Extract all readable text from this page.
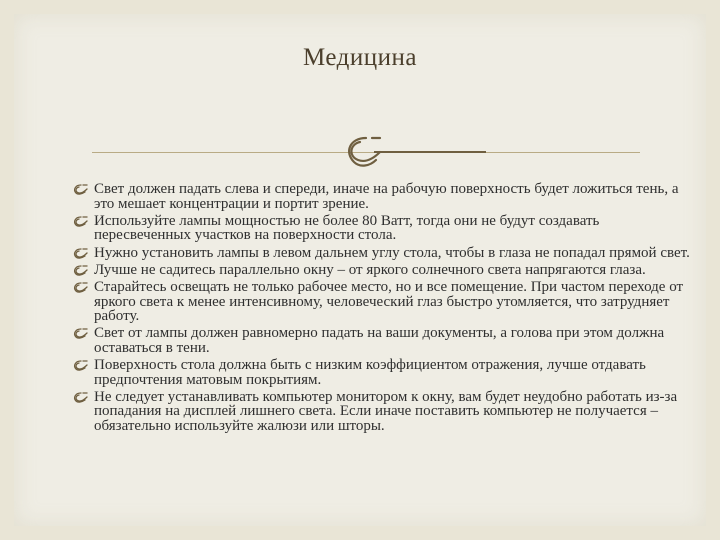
Медицина
Свет должен падать слева и спереди, иначе на рабочую поверхность будет ложиться тень, а это мешает концентрации и портит зрение.
Используйте лампы мощностью не более 80 Ватт, тогда они не будут создавать пересвеченных участков на поверхности стола.
Нужно установить лампы в левом дальнем углу стола, чтобы в глаза не попадал прямой свет.
Лучше не садитесь параллельно окну – от яркого солнечного света напрягаются глаза.
Старайтесь освещать не только рабочее место, но и все помещение. При частом переходе от яркого света к менее интенсивному, человеческий глаз быстро утомляется, что затрудняет работу.
Свет от лампы должен равномерно падать на ваши документы, а голова при этом должна оставаться в тени.
Поверхность стола должна быть с низким коэффициентом отражения, лучше отдавать предпочтения матовым покрытиям.
Не следует устанавливать компьютер монитором к окну, вам будет неудобно работать из-за попадания на дисплей лишнего света. Если иначе поставить компьютер не получается – обязательно используйте жалюзи или шторы.
